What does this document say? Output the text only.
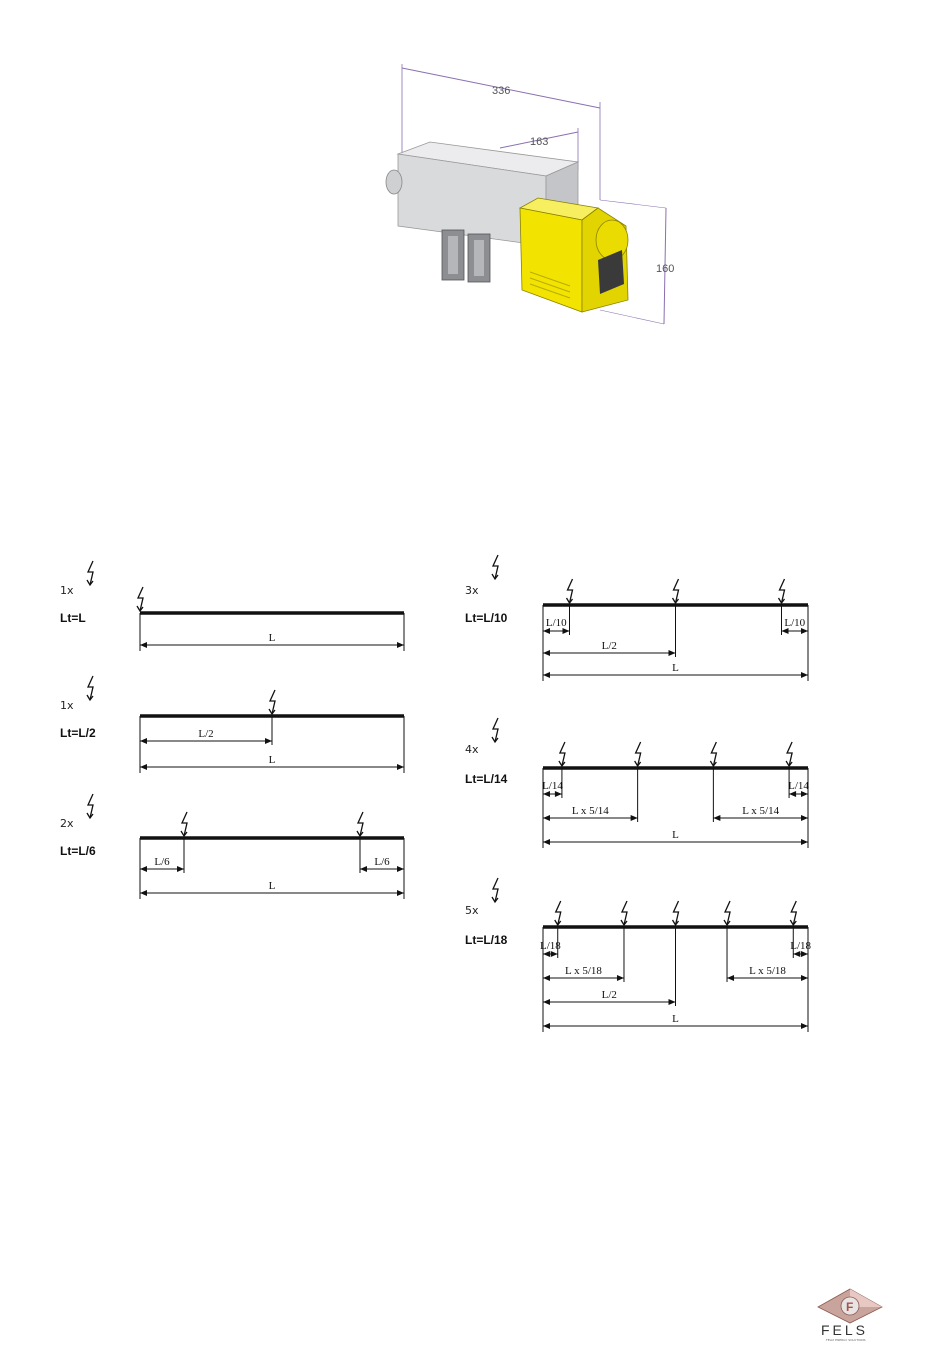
336
163
160
1x
Lt=L
L
1x
Lt=L/2	L/2
L
2x
Lt=L/6
L/6	L/6
L
3x
Lt=L/10	L/10	L/10
L/2
L
4x
Lt=L/14	L/14	L/14
L x 5/14	L x 5/14
L
5x
Lt=L/18	L/18	L/18
L x 5/18	L x 5/18
L/2
L
F
FELS
FELIX ENERGY SOLUTIONS
